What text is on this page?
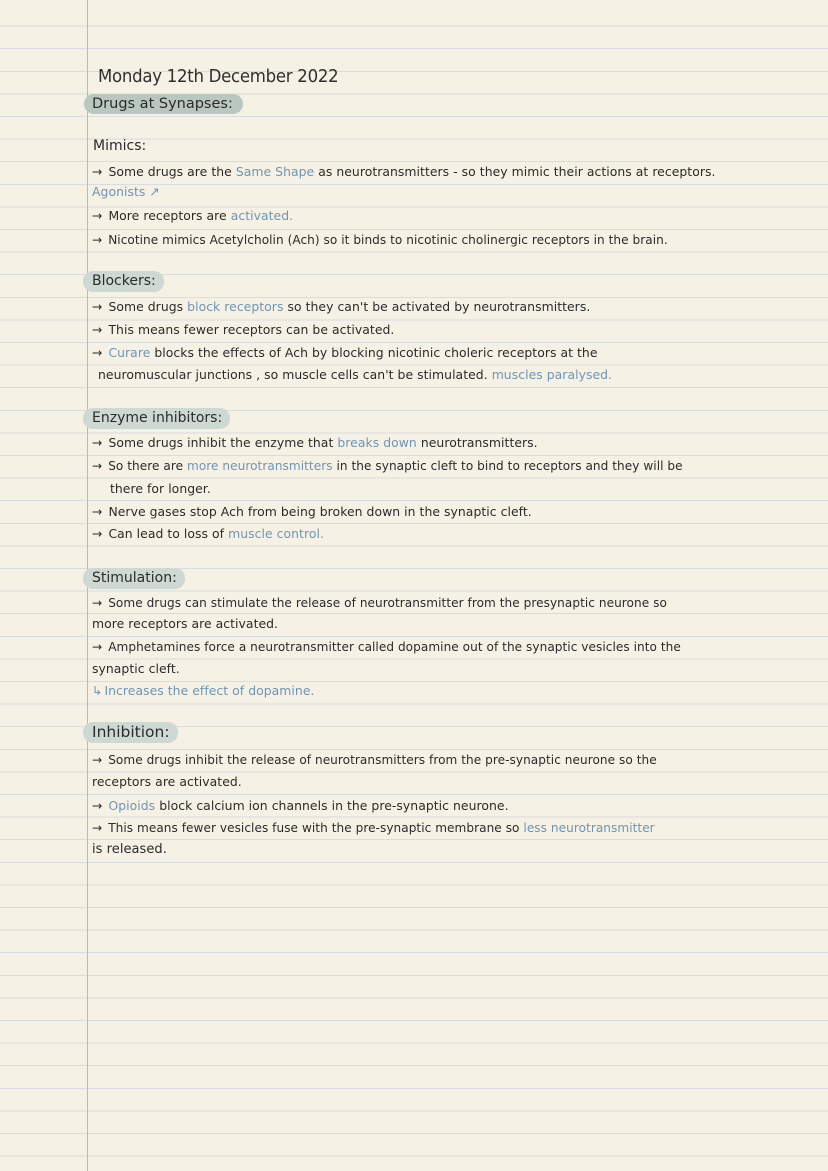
Monday 12th December 2022
Drugs at Synapses:
Mimics:
→ Some drugs are the Same Shape as neurotransmitters - so they mimic their actions at receptors.
Agonists ↗
→ More receptors are activated.
→ Nicotine mimics Acetylcholin (Ach) so it binds to nicotinic cholinergic receptors in the brain.
Blockers:
→ Some drugs block receptors so they can't be activated by neurotransmitters.
→ This means fewer receptors can be activated.
→ Curare blocks the effects of Ach by blocking nicotinic choleric receptors at the
neuromuscular junctions , so muscle cells can't be stimulated. muscles paralysed.
Enzyme inhibitors:
→ Some drugs inhibit the enzyme that breaks down neurotransmitters.
→ So there are more neurotransmitters in the synaptic cleft to bind to receptors and they will be
there for longer.
→ Nerve gases stop Ach from being broken down in the synaptic cleft.
→ Can lead to loss of muscle control.
Stimulation:
→ Some drugs can stimulate the release of neurotransmitter from the presynaptic neurone so
more receptors are activated.
→ Amphetamines force a neurotransmitter called dopamine out of the synaptic vesicles into the
synaptic cleft.
↳ Increases the effect of dopamine.
Inhibition:
→ Some drugs inhibit the release of neurotransmitters from the pre-synaptic neurone so the
receptors are activated.
→ Opioids block calcium ion channels in the pre-synaptic neurone.
→ This means fewer vesicles fuse with the pre-synaptic membrane so less neurotransmitter
is released.
